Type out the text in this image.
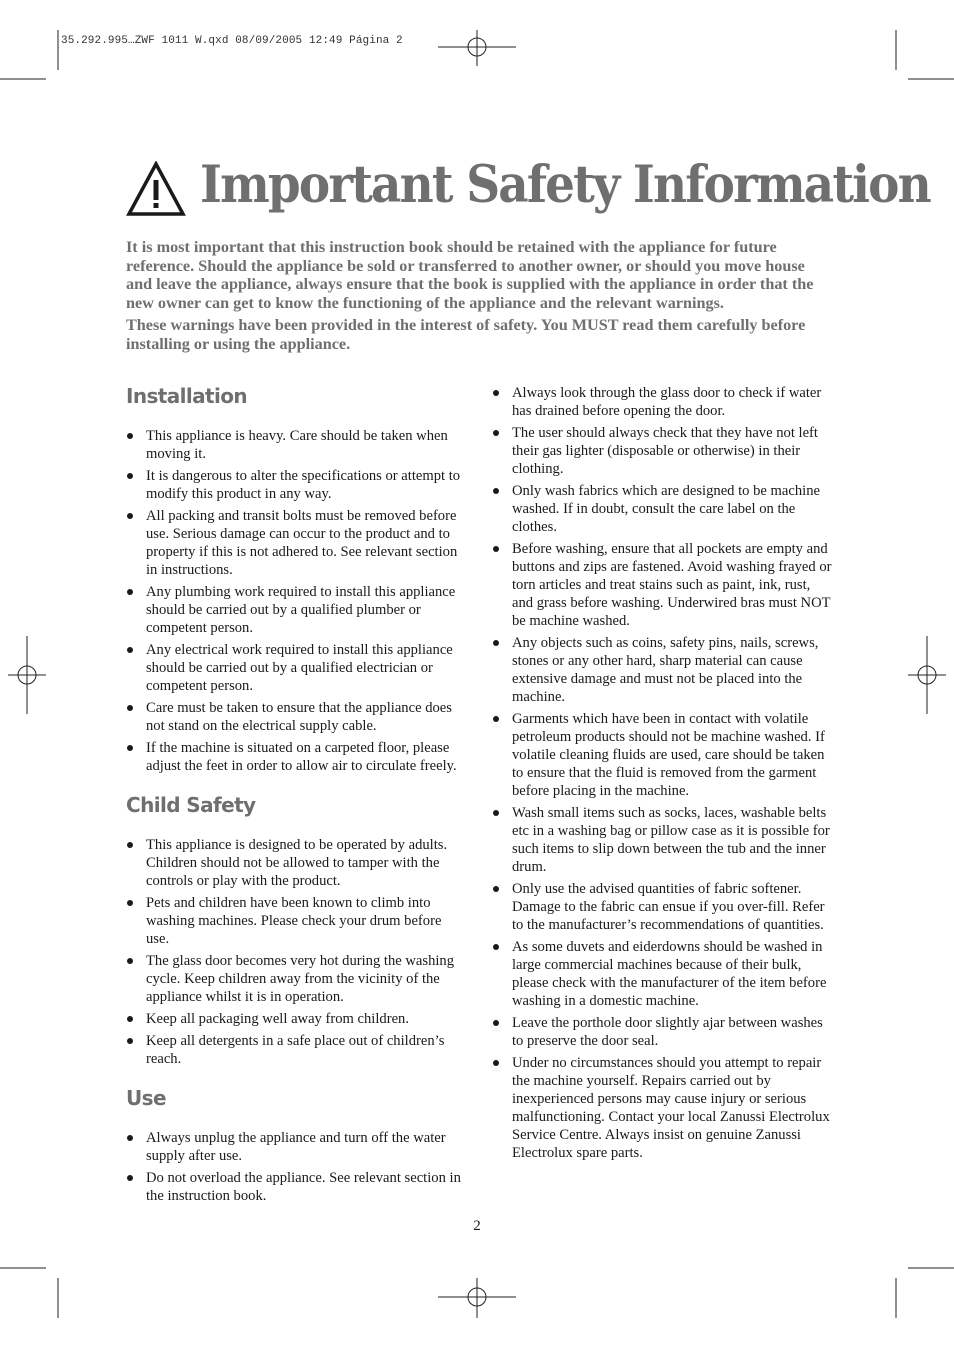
35.292.995…ZWF 1011 W.qxd 08/09/2005 12:49 Página 2
Important Safety Information

It is most important that this instruction book should be retained with the appliance for future reference. Should the appliance be sold or transferred to another owner, or should you move house and leave the appliance, always ensure that the book is supplied with the appliance in order that the new owner can get to know the functioning of the appliance and the relevant warnings.

These warnings have been provided in the interest of safety. You MUST read them carefully before installing or using the appliance.

Installation
This appliance is heavy. Care should be taken when moving it.
It is dangerous to alter the specifications or attempt to modify this product in any way.
All packing and transit bolts must be removed before use. Serious damage can occur to the product and to property if this is not adhered to. See relevant section in instructions.
Any plumbing work required to install this appliance should be carried out by a qualified plumber or competent person.
Any electrical work required to install this appliance should be carried out by a qualified electrician or competent person.
Care must be taken to ensure that the appliance does not stand on the electrical supply cable.
If the machine is situated on a carpeted floor, please adjust the feet in order to allow air to circulate freely.
Child Safety
This appliance is designed to be operated by adults. Children should not be allowed to tamper with the controls or play with the product.
Pets and children have been known to climb into washing machines. Please check your drum before use.
The glass door becomes very hot during the washing cycle. Keep children away from the vicinity of the appliance whilst it is in operation.
Keep all packaging well away from children.
Keep all detergents in a safe place out of children’s reach.
Use
Always unplug the appliance and turn off the water supply after use.
Do not overload the appliance. See relevant section in the instruction book.
Always look through the glass door to check if water has drained before opening the door.
The user should always check that they have not left their gas lighter (disposable or otherwise) in their clothing.
Only wash fabrics which are designed to be machine washed. If in doubt, consult the care label on the clothes.
Before washing, ensure that all pockets are empty and buttons and zips are fastened. Avoid washing frayed or torn articles and treat stains such as paint, ink, rust, and grass before washing. Underwired bras must NOT be machine washed.
Any objects such as coins, safety pins, nails, screws, stones or any other hard, sharp material can cause extensive damage and must not be placed into the machine.
Garments which have been in contact with volatile petroleum products should not be machine washed. If volatile cleaning fluids are used, care should be taken to ensure that the fluid is removed from the garment before placing in the machine.
Wash small items such as socks, laces, washable belts etc in a washing bag or pillow case as it is possible for such items to slip down between the tub and the inner drum.
Only use the advised quantities of fabric softener. Damage to the fabric can ensue if you over-fill. Refer to the manufacturer’s recommendations of quantities.
As some duvets and eiderdowns should be washed in large commercial machines because of their bulk, please check with the manufacturer of the item before washing in a domestic machine.
Leave the porthole door slightly ajar between washes to preserve the door seal.
Under no circumstances should you attempt to repair the machine yourself. Repairs carried out by inexperienced persons may cause injury or serious malfunctioning. Contact your local Zanussi Electrolux Service Centre. Always insist on genuine Zanussi Electrolux spare parts.
2
